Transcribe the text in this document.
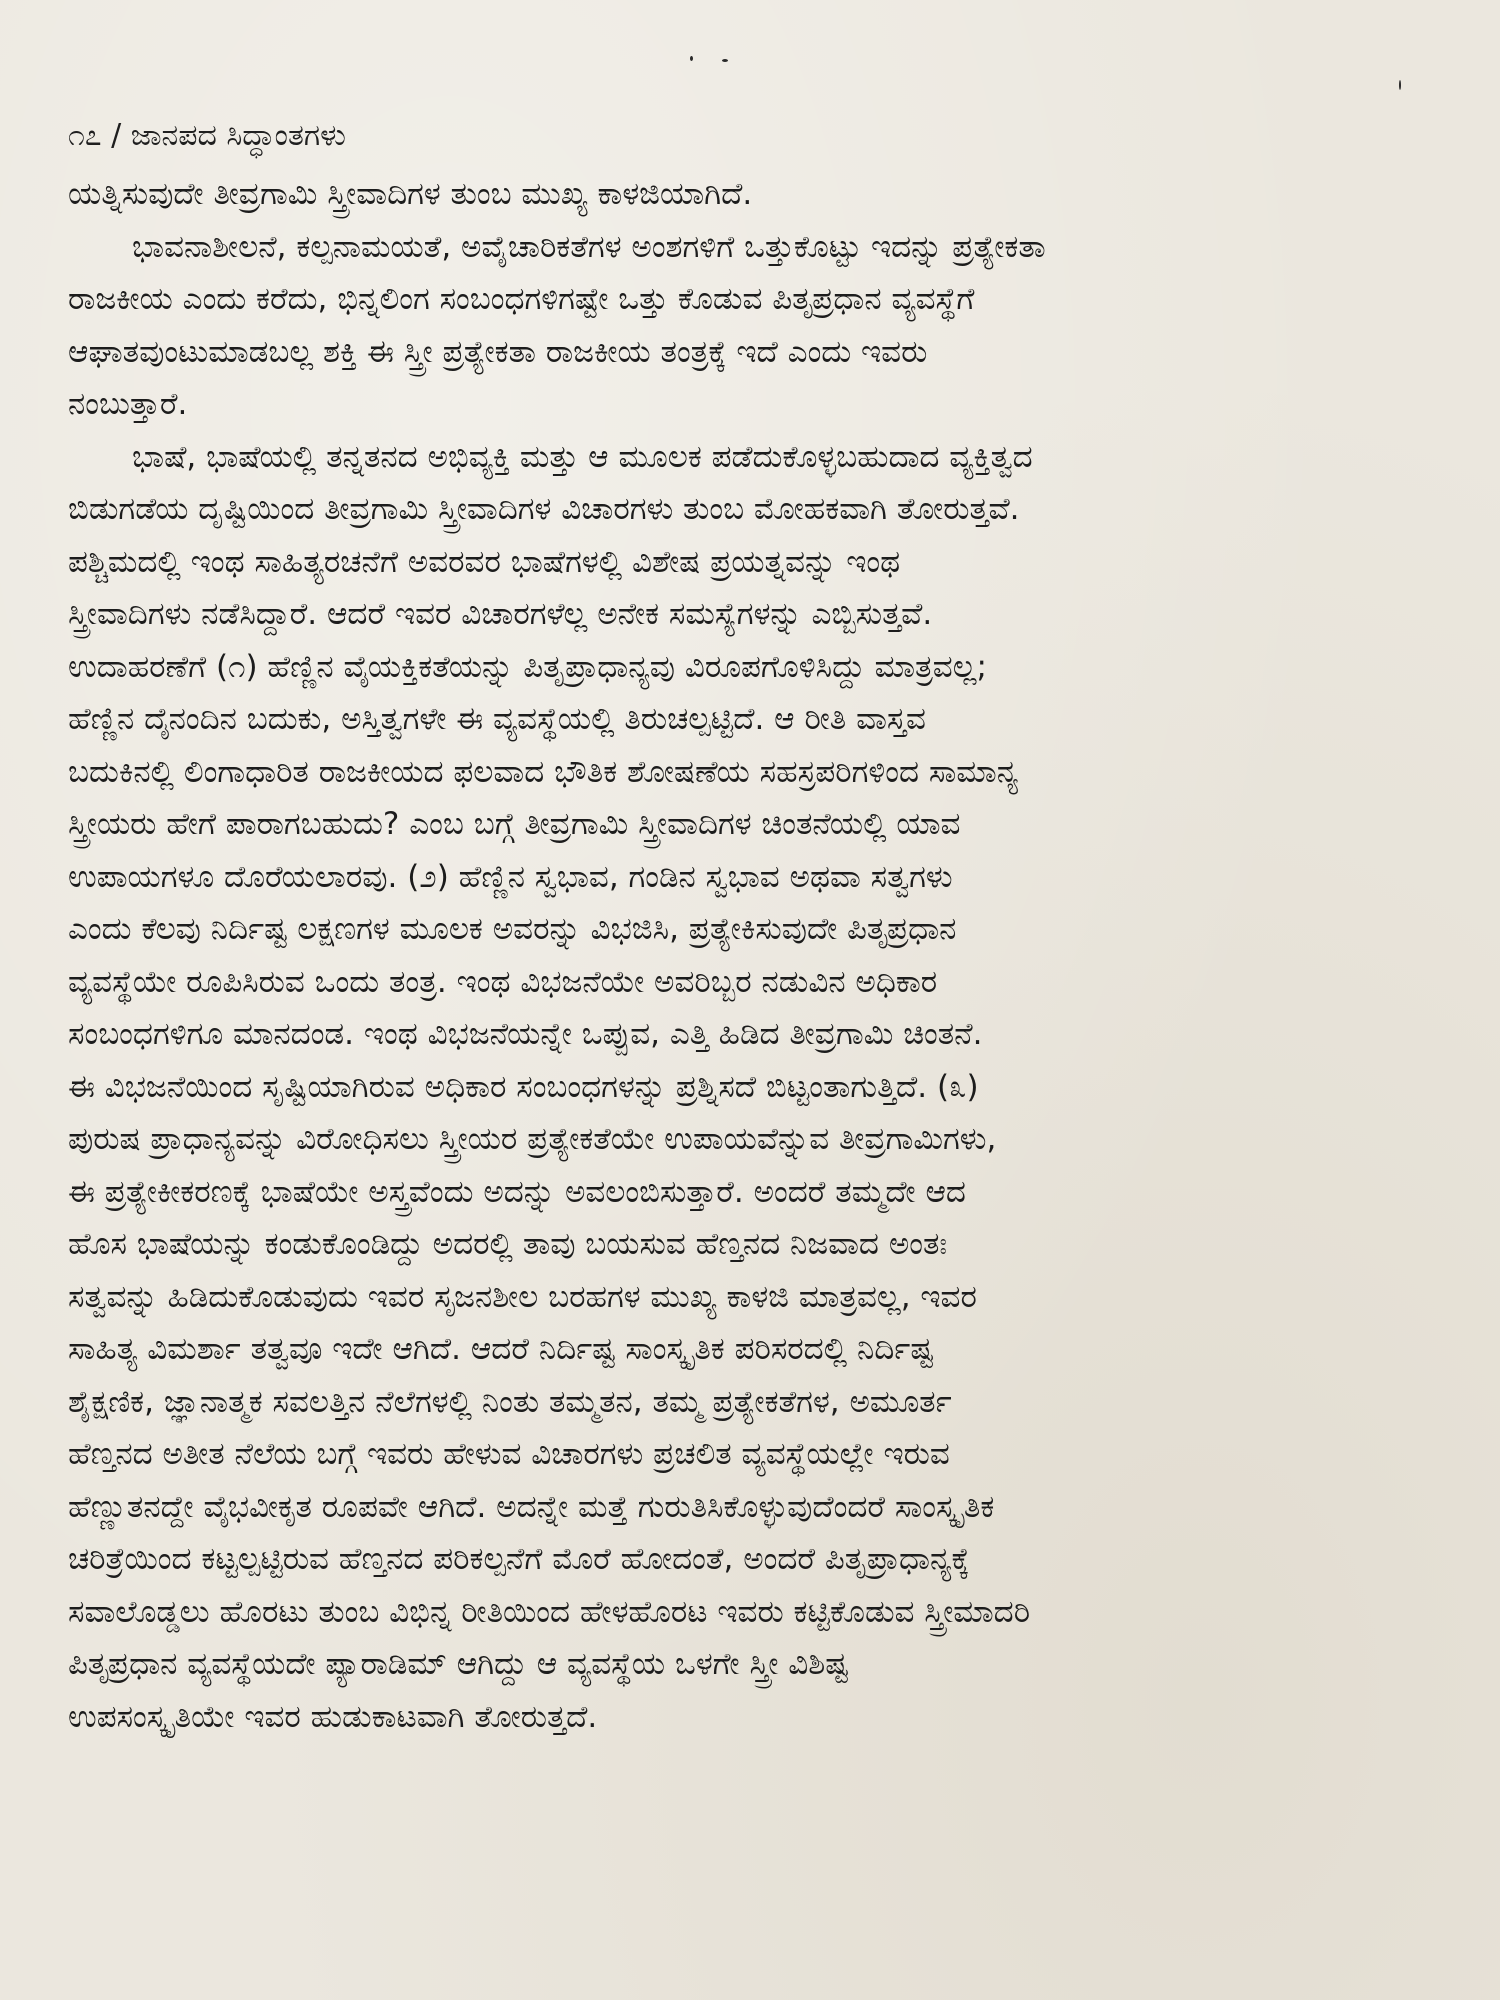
೧೭ / ಜಾನಪದ ಸಿದ್ಧಾಂತಗಳು
ಯತ್ನಿಸುವುದೇ ತೀವ್ರಗಾಮಿ ಸ್ತ್ರೀವಾದಿಗಳ ತುಂಬ ಮುಖ್ಯ ಕಾಳಜಿಯಾಗಿದೆ.
ಭಾವನಾಶೀಲನೆ, ಕಲ್ಪನಾಮಯತೆ, ಅವೈಚಾರಿಕತೆಗಳ ಅಂಶಗಳಿಗೆ ಒತ್ತುಕೊಟ್ಟು ಇದನ್ನು ಪ್ರತ್ಯೇಕತಾ
ರಾಜಕೀಯ ಎಂದು ಕರೆದು, ಭಿನ್ನಲಿಂಗ ಸಂಬಂಧಗಳಿಗಷ್ಟೇ ಒತ್ತು ಕೊಡುವ ಪಿತೃಪ್ರಧಾನ ವ್ಯವಸ್ಥೆಗೆ
ಆಘಾತವುಂಟುಮಾಡಬಲ್ಲ ಶಕ್ತಿ ಈ ಸ್ತ್ರೀ ಪ್ರತ್ಯೇಕತಾ ರಾಜಕೀಯ ತಂತ್ರಕ್ಕೆ ಇದೆ ಎಂದು ಇವರು
ನಂಬುತ್ತಾರೆ.
ಭಾಷೆ, ಭಾಷೆಯಲ್ಲಿ ತನ್ನತನದ ಅಭಿವ್ಯಕ್ತಿ ಮತ್ತು ಆ ಮೂಲಕ ಪಡೆದುಕೊಳ್ಳಬಹುದಾದ ವ್ಯಕ್ತಿತ್ವದ
ಬಿಡುಗಡೆಯ ದೃಷ್ಟಿಯಿಂದ ತೀವ್ರಗಾಮಿ ಸ್ತ್ರೀವಾದಿಗಳ ವಿಚಾರಗಳು ತುಂಬ ಮೋಹಕವಾಗಿ ತೋರುತ್ತವೆ.
ಪಶ್ಚಿಮದಲ್ಲಿ ಇಂಥ ಸಾಹಿತ್ಯರಚನೆಗೆ ಅವರವರ ಭಾಷೆಗಳಲ್ಲಿ ವಿಶೇಷ ಪ್ರಯತ್ನವನ್ನು ಇಂಥ
ಸ್ತ್ರೀವಾದಿಗಳು ನಡೆಸಿದ್ದಾರೆ. ಆದರೆ ಇವರ ವಿಚಾರಗಳೆಲ್ಲ ಅನೇಕ ಸಮಸ್ಯೆಗಳನ್ನು ಎಬ್ಬಿಸುತ್ತವೆ.
ಉದಾಹರಣೆಗೆ (೧) ಹೆಣ್ಣಿನ ವೈಯಕ್ತಿಕತೆಯನ್ನು ಪಿತೃಪ್ರಾಧಾನ್ಯವು ವಿರೂಪಗೊಳಿಸಿದ್ದು ಮಾತ್ರವಲ್ಲ;
ಹೆಣ್ಣಿನ ದೈನಂದಿನ ಬದುಕು, ಅಸ್ತಿತ್ವಗಳೇ ಈ ವ್ಯವಸ್ಥೆಯಲ್ಲಿ ತಿರುಚಲ್ಪಟ್ಟಿದೆ. ಆ ರೀತಿ ವಾಸ್ತವ
ಬದುಕಿನಲ್ಲಿ ಲಿಂಗಾಧಾರಿತ ರಾಜಕೀಯದ ಫಲವಾದ ಭೌತಿಕ ಶೋಷಣೆಯ ಸಹಸ್ರಪರಿಗಳಿಂದ ಸಾಮಾನ್ಯ
ಸ್ತ್ರೀಯರು ಹೇಗೆ ಪಾರಾಗಬಹುದು? ಎಂಬ ಬಗ್ಗೆ ತೀವ್ರಗಾಮಿ ಸ್ತ್ರೀವಾದಿಗಳ ಚಿಂತನೆಯಲ್ಲಿ ಯಾವ
ಉಪಾಯಗಳೂ ದೊರೆಯಲಾರವು. (೨) ಹೆಣ್ಣಿನ ಸ್ವಭಾವ, ಗಂಡಿನ ಸ್ವಭಾವ ಅಥವಾ ಸತ್ವಗಳು
ಎಂದು ಕೆಲವು ನಿರ್ದಿಷ್ಟ ಲಕ್ಷಣಗಳ ಮೂಲಕ ಅವರನ್ನು ವಿಭಜಿಸಿ, ಪ್ರತ್ಯೇಕಿಸುವುದೇ ಪಿತೃಪ್ರಧಾನ
ವ್ಯವಸ್ಥೆಯೇ ರೂಪಿಸಿರುವ ಒಂದು ತಂತ್ರ. ಇಂಥ ವಿಭಜನೆಯೇ ಅವರಿಬ್ಬರ ನಡುವಿನ ಅಧಿಕಾರ
ಸಂಬಂಧಗಳಿಗೂ ಮಾನದಂಡ. ಇಂಥ ವಿಭಜನೆಯನ್ನೇ ಒಪ್ಪುವ, ಎತ್ತಿ ಹಿಡಿದ ತೀವ್ರಗಾಮಿ ಚಿಂತನೆ.
ಈ ವಿಭಜನೆಯಿಂದ ಸೃಷ್ಟಿಯಾಗಿರುವ ಅಧಿಕಾರ ಸಂಬಂಧಗಳನ್ನು ಪ್ರಶ್ನಿಸದೆ ಬಿಟ್ಟಂತಾಗುತ್ತಿದೆ. (೩)
ಪುರುಷ ಪ್ರಾಧಾನ್ಯವನ್ನು ವಿರೋಧಿಸಲು ಸ್ತ್ರೀಯರ ಪ್ರತ್ಯೇಕತೆಯೇ ಉಪಾಯವೆನ್ನುವ ತೀವ್ರಗಾಮಿಗಳು,
ಈ ಪ್ರತ್ಯೇಕೀಕರಣಕ್ಕೆ ಭಾಷೆಯೇ ಅಸ್ತ್ರವೆಂದು ಅದನ್ನು ಅವಲಂಬಿಸುತ್ತಾರೆ. ಅಂದರೆ ತಮ್ಮದೇ ಆದ
ಹೊಸ ಭಾಷೆಯನ್ನು ಕಂಡುಕೊಂಡಿದ್ದು ಅದರಲ್ಲಿ ತಾವು ಬಯಸುವ ಹೆಣ್ತನದ ನಿಜವಾದ ಅಂತಃ
ಸತ್ವವನ್ನು ಹಿಡಿದುಕೊಡುವುದು ಇವರ ಸೃಜನಶೀಲ ಬರಹಗಳ ಮುಖ್ಯ ಕಾಳಜಿ ಮಾತ್ರವಲ್ಲ, ಇವರ
ಸಾಹಿತ್ಯ ವಿಮರ್ಶಾ ತತ್ವವೂ ಇದೇ ಆಗಿದೆ. ಆದರೆ ನಿರ್ದಿಷ್ಟ ಸಾಂಸ್ಕೃತಿಕ ಪರಿಸರದಲ್ಲಿ ನಿರ್ದಿಷ್ಟ
ಶೈಕ್ಷಣಿಕ, ಜ್ಞಾನಾತ್ಮಕ ಸವಲತ್ತಿನ ನೆಲೆಗಳಲ್ಲಿ ನಿಂತು ತಮ್ಮತನ, ತಮ್ಮ ಪ್ರತ್ಯೇಕತೆಗಳ, ಅಮೂರ್ತ
ಹೆಣ್ತನದ ಅತೀತ ನೆಲೆಯ ಬಗ್ಗೆ ಇವರು ಹೇಳುವ ವಿಚಾರಗಳು ಪ್ರಚಲಿತ ವ್ಯವಸ್ಥೆಯಲ್ಲೇ ಇರುವ
ಹೆಣ್ಣುತನದ್ದೇ ವೈಭವೀಕೃತ ರೂಪವೇ ಆಗಿದೆ. ಅದನ್ನೇ ಮತ್ತೆ ಗುರುತಿಸಿಕೊಳ್ಳುವುದೆಂದರೆ ಸಾಂಸ್ಕೃತಿಕ
ಚರಿತ್ರೆಯಿಂದ ಕಟ್ಟಲ್ಪಟ್ಟಿರುವ ಹೆಣ್ತನದ ಪರಿಕಲ್ಪನೆಗೆ ಮೊರೆ ಹೋದಂತೆ, ಅಂದರೆ ಪಿತೃಪ್ರಾಧಾನ್ಯಕ್ಕೆ
ಸವಾಲೊಡ್ಡಲು ಹೊರಟು ತುಂಬ ವಿಭಿನ್ನ ರೀತಿಯಿಂದ ಹೇಳಹೊರಟ ಇವರು ಕಟ್ಟಿಕೊಡುವ ಸ್ತ್ರೀಮಾದರಿ
ಪಿತೃಪ್ರಧಾನ ವ್ಯವಸ್ಥೆಯದೇ ಪ್ಯಾರಾಡಿಮ್ ಆಗಿದ್ದು ಆ ವ್ಯವಸ್ಥೆಯ ಒಳಗೇ ಸ್ತ್ರೀ ವಿಶಿಷ್ಟ
ಉಪಸಂಸ್ಕೃತಿಯೇ ಇವರ ಹುಡುಕಾಟವಾಗಿ ತೋರುತ್ತದೆ.
